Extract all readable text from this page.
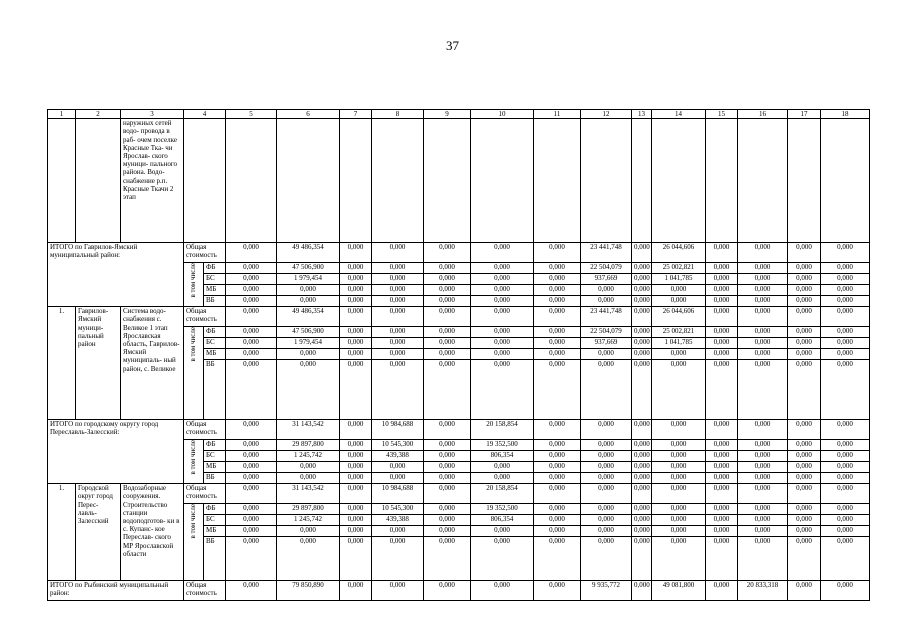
37
1	2	3	4		5	6	7	8	9	10	11	12	13	14	15	16	17	18
		наружных сетей водо- провода в раб- очем поселке Красные Тка- чи Ярослав- ского муници- пального района. Водо- снабжение р.п. Красные Ткачи 2 этап																
ИТОГО по Гаврилов-Ямский муниципальный район:			Общая стоимость		0,000	49 486,354	0,000	0,000	0,000	0,000	0,000	23 441,748	0,000	26 044,606	0,000	0,000	0,000	0,000
			в том числе	ФБ	0,000	47 506,900	0,000	0,000	0,000	0,000	0,000	22 504,079	0,000	25 002,821	0,000	0,000	0,000	0,000
				БС	0,000	1 979,454	0,000	0,000	0,000	0,000	0,000	937,669	0,000	1 041,785	0,000	0,000	0,000	0,000
				МБ	0,000	0,000	0,000	0,000	0,000	0,000	0,000	0,000	0,000	0,000	0,000	0,000	0,000	0,000
				ВБ	0,000	0,000	0,000	0,000	0,000	0,000	0,000	0,000	0,000	0,000	0,000	0,000	0,000	0,000
1.	Гаврилов- Ямский муници- пальный район	Система водо- снабжения с. Великое 1 этап Ярославская область, Гаврилов- Ямский муниципаль- ный район, с. Великое	Общая стоимость		0,000	49 486,354	0,000	0,000	0,000	0,000	0,000	23 441,748	0,000	26 044,606	0,000	0,000	0,000	0,000
			в том числе	ФБ	0,000	47 506,900	0,000	0,000	0,000	0,000	0,000	22 504,079	0,000	25 002,821	0,000	0,000	0,000	0,000
				БС	0,000	1 979,454	0,000	0,000	0,000	0,000	0,000	937,669	0,000	1 041,785	0,000	0,000	0,000	0,000
				МБ	0,000	0,000	0,000	0,000	0,000	0,000	0,000	0,000	0,000	0,000	0,000	0,000	0,000	0,000
				ВБ	0,000	0,000	0,000	0,000	0,000	0,000	0,000	0,000	0,000	0,000	0,000	0,000	0,000	0,000
ИТОГО по городскому округу город Переславль-Залесский:			Общая стоимость		0,000	31 143,542	0,000	10 984,688	0,000	20 158,854	0,000	0,000	0,000	0,000	0,000	0,000	0,000	0,000
			в том числе	ФБ	0,000	29 897,800	0,000	10 545,300	0,000	19 352,500	0,000	0,000	0,000	0,000	0,000	0,000	0,000	0,000
				БС	0,000	1 245,742	0,000	439,388	0,000	806,354	0,000	0,000	0,000	0,000	0,000	0,000	0,000	0,000
				МБ	0,000	0,000	0,000	0,000	0,000	0,000	0,000	0,000	0,000	0,000	0,000	0,000	0,000	0,000
				ВБ	0,000	0,000	0,000	0,000	0,000	0,000	0,000	0,000	0,000	0,000	0,000	0,000	0,000	0,000
1.	Городской округ город Перес- лавль- Залесский	Водозаборные сооружения. Строительство станции водоподготов- ки в с. Купанс- кое Переслав- ского МР Ярославской области	Общая стоимость		0,000	31 143,542	0,000	10 984,688	0,000	20 158,854	0,000	0,000	0,000	0,000	0,000	0,000	0,000	0,000
			в том числе	ФБ	0,000	29 897,800	0,000	10 545,300	0,000	19 352,500	0,000	0,000	0,000	0,000	0,000	0,000	0,000	0,000
				БС	0,000	1 245,742	0,000	439,388	0,000	806,354	0,000	0,000	0,000	0,000	0,000	0,000	0,000	0,000
				МБ	0,000	0,000	0,000	0,000	0,000	0,000	0,000	0,000	0,000	0,000	0,000	0,000	0,000	0,000
				ВБ	0,000	0,000	0,000	0,000	0,000	0,000	0,000	0,000	0,000	0,000	0,000	0,000	0,000	0,000
ИТОГО по Рыбинский муниципальный район:			Общая стоимость		0,000	79 850,890	0,000	0,000	0,000	0,000	0,000	9 935,772	0,000	49 081,800	0,000	20 833,318	0,000	0,000
